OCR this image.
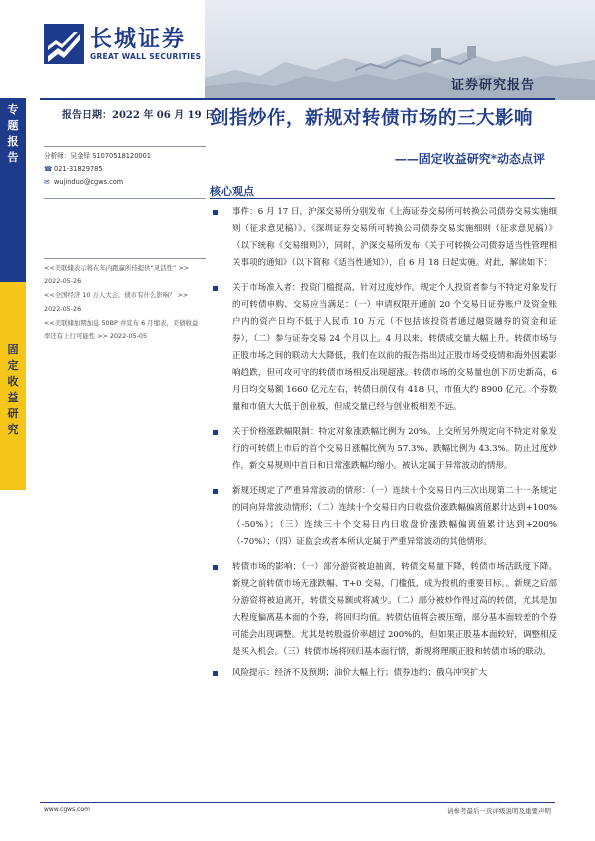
长城证券
GREAT WALL SECURITIES
证券研究报告
专
题
报
告
固
定
收
益
研
究
报告日期：2022 年 06 月 19 日
剑指炒作，新规对转债市场的三大影响
——固定收益研究*动态点评
分析师：吴金铎 S1070518120001
☎ 021-31829785
✉ wujinduo@cgws.com

<<美联储表示将在年内跑赢所侍提供“灵活性” >> 2022-05-26

<<全国经济 10 万人大会，债市有什么影响？ >> 2022-05-26

<<美联储加期加息 50BP 并宣布 6 月缩表，美债收益率还有上行可能性 >> 2022-05-05

核心观点
事件：6 月 17 日，沪深交易所分别发布《上海证券交易所可转换公司债券交易实施细则（征求意见稿）》、《深圳证券交易所可转换公司债券交易实施细则（征求意见稿）》（以下统称《交易细则》），同时，沪深交易所发布《关于可转换公司债券适当性管理相关事项的通知》（以下简称《适当性通知》），自 6 月 18 日起实施。对此，解读如下：
关于市场准入者：投资门槛提高，针对过度炒作。规定个人投资者参与不特定对象发行的可转债申购、交易应当满足：（一）申请权限开通前 20 个交易日证券账户及资金账户内的资产日均不低于人民币 10 万元（不包括该投资者通过融资融券的资金和证券），（二）参与证券交易 24 个月以上。4 月以来，转债成交量大幅上升。转债市场与正股市场之间的联动大大降低，我们在以前的报告指出过正股市场受疫情和海外因素影响趋跌，但可攻可守的转债市场相反出现超涨。转债市场的交易量也创下历史新高，6 月日均交易额 1660 亿元左右，转债日前仅有 418 只，市值大约 8900 亿元。个券数量和市值大大低于创业板，但成交量已经与创业板相差不远。
关于价格涨跌幅限制：特定对象涨跌幅比例为 20%。上交所另外规定向不特定对象发行的可转债上市后的首个交易日涨幅比例为 57.3%、跌幅比例为 43.3%。防止过度炒作，新交易规则中首日和日常涨跌幅均缩小。被认定属于异常波动的情形。
新规还规定了严重异常波动的情形：（一）连续十个交易日内三次出现第二十一条规定的同向异常波动情形；（二）连续十个交易日内日收盘价涨跌幅偏离值累计达到+100%（-50%）；（三）连续三十个交易日内日收盘价涨跌幅偏离值累计达到+200%（-70%）；（四）证监会或者本所认定属于严重异常波动的其他情形。
转债市场的影响：（一）部分游资被迫抽离，转债交易量下降，转债市场活跃度下降。新规之前转债市场无涨跌幅、T+0 交易，门槛低，成为投机的重要目标。。新规之后部分游资将被迫离开，转债交易额或将减少。（二）部分被炒作得过高的转债，尤其是加大程度偏离基本面的个券，将回归均值。转债估值将会被压缩，部分基本面较差的个券可能会出现调整。尤其是转股溢价率超过 200%的，但如果正股基本面较好，调整相反是买入机会。（三）转债市场将回归基本面行情，新规将理顺正股和转债市场的联动。
风险提示：经济不及预期；油价大幅上行；债券违约；俄乌冲突扩大
www.cgws.com	请参考最后一页评级说明及重要声明
